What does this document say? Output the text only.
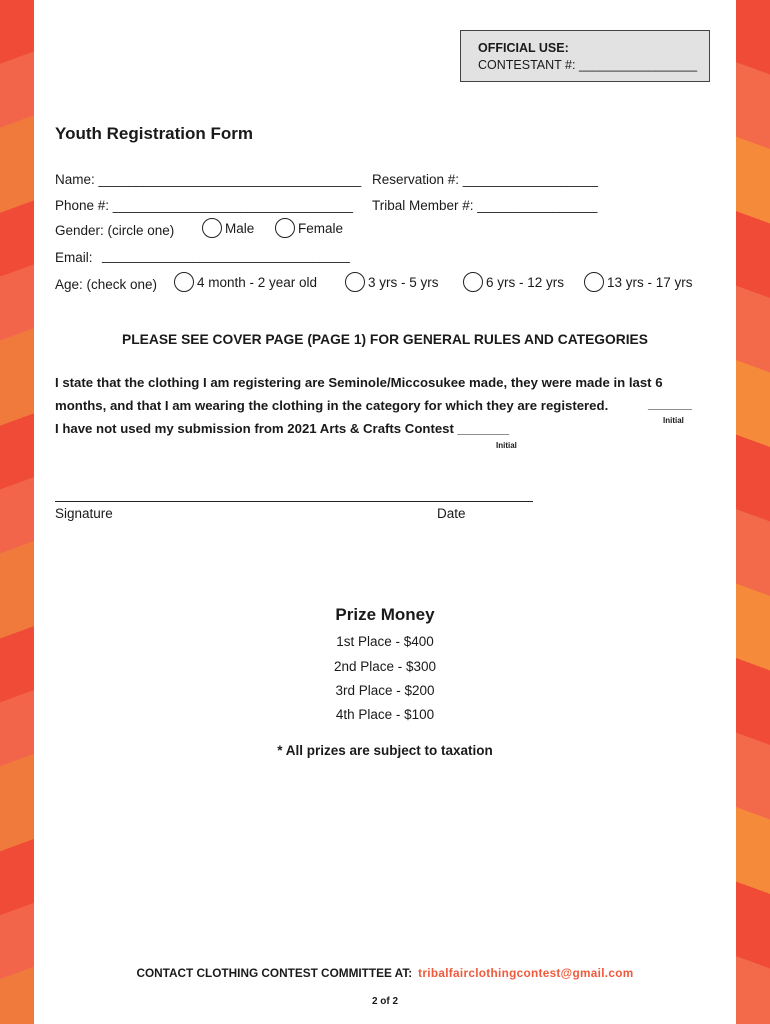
OFFICIAL USE:
CONTESTANT #: _________________
Youth Registration Form
Name: ___________________________________ Reservation #: __________________
Phone #: ________________________________ Tribal Member #: ________________
Gender: (circle one)	Male	Female
Email: _________________________________
Age: (check one)	4 month - 2 year old	3 yrs - 5 yrs	6 yrs - 12 yrs	13 yrs - 17 yrs
PLEASE SEE COVER PAGE (PAGE 1) FOR GENERAL RULES AND CATEGORIES
I state that the clothing I am registering are Seminole/Miccosukee made, they were made in last 6
months, and that I am wearing the clothing in the category for which they are registered.	______
Initial
I have not used my submission from 2021 Arts & Crafts Contest _______
Initial
Signature	Date
Prize Money
1st Place - $400
2nd Place - $300
3rd Place - $200
4th Place - $100
* All prizes are subject to taxation
CONTACT CLOTHING CONTEST COMMITTEE AT: tribalfairclothingcontest@gmail.com
2 of 2
